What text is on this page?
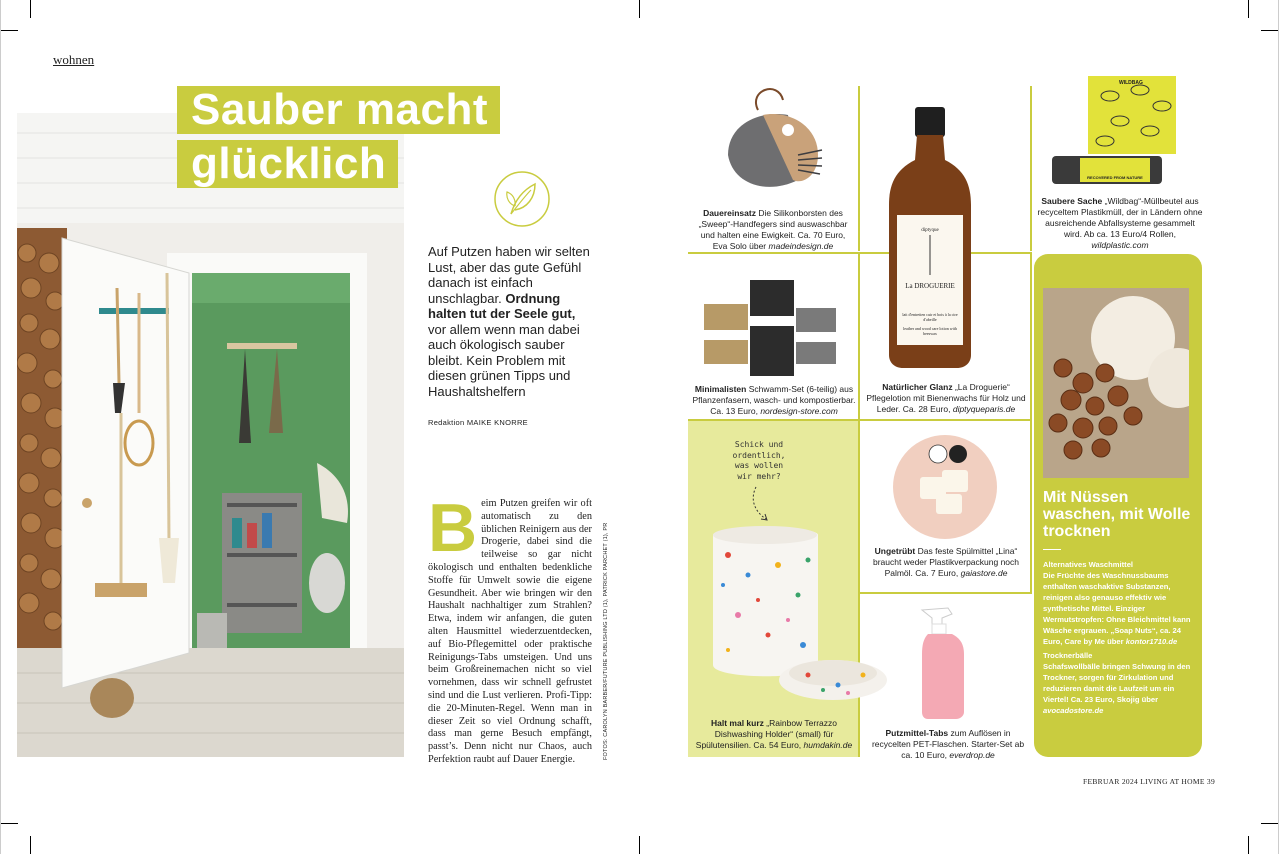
wohnen
Sauber macht
glücklich
Auf Putzen haben wir selten Lust, aber das gute Gefühl danach ist einfach unschlagbar. Ordnung halten tut der Seele gut, vor allem wenn man dabei auch ökologisch sauber bleibt. Kein Problem mit diesen grünen Tipps und Haushaltshelfern
Redaktion MAIKE KNORRE
Beim Putzen greifen wir oft automatisch zu den üblichen Reinigern aus der Drogerie, dabei sind die teilweise so gar nicht ökologisch und enthalten bedenkliche Stoffe für Umwelt sowie die eigene Gesundheit. Aber wie bringen wir den Haushalt nachhaltiger zum Strahlen? Etwa, indem wir anfangen, die guten alten Hausmittel wiederzuentdecken, auf Bio-Pflegemittel oder praktische Reinigungs-Tabs umsteigen. Und uns beim Großreinemachen nicht so viel vornehmen, dass wir schnell gefrustet sind und die Lust verlieren. Profi-Tipp: die 20-Minuten-Regel. Wenn man in dieser Zeit so viel Ordnung schafft, dass man gerne Besuch empfängt, passt’s. Denn nicht nur Chaos, auch Perfektion raubt auf Dauer Energie.	FOTOS: CAROLYN BARBER/FUTURE PUBLISHING LTD (1), PATRICK PARCHET (1), PR
Dauereinsatz Die Silikonborsten des „Sweep“-Handfegers sind auswaschbar und halten eine Ewigkeit. Ca. 70 Euro, Eva Solo über madeindesign.de
diptyque
La DROGUERIE
lait d'entretien cuir et bois à la cire d'abeille
leather and wood care lotion with beeswax
Natürlicher Glanz „La Droguerie“ Pflegelotion mit Bienenwachs für Holz und Leder. Ca. 28 Euro, diptyqueparis.de
WILDBAG
RECOVERED FROM NATURE
Saubere Sache „Wildbag“-Müllbeutel aus recyceltem Plastikmüll, der in Ländern ohne ausreichende Abfallsysteme gesammelt wird. Ab ca. 13 Euro/4 Rollen, wildplastic.com
Minimalisten Schwamm-Set (6-teilig) aus Pflanzenfasern, wasch- und kompostierbar. Ca. 13 Euro, nordesign-store.com
Schick und ordentlich, was wollen wir mehr?
Halt mal kurz „Rainbow Terrazzo Dishwashing Holder“ (small) für Spülutensilien. Ca. 54 Euro, humdakin.de
Ungetrübt Das feste Spülmittel „Lina“ braucht weder Plastikverpackung noch Palmöl. Ca. 7 Euro, gaiastore.de
Putzmittel-Tabs zum Auflösen in recycelten PET-Flaschen. Starter-Set ab ca. 10 Euro, everdrop.de
Mit Nüssen waschen, mit Wolle trocknen
Alternatives Waschmittel
Die Früchte des Waschnussbaums enthalten waschaktive Substanzen, reinigen also genauso effektiv wie synthetische Mittel. Einziger Wermutstropfen: Ohne Bleichmittel kann Wäsche ergrauen. „Soap Nuts“, ca. 24 Euro, Care by Me über kontor1710.de
Trocknerbälle
Schafswollbälle bringen Schwung in den Trockner, sorgen für Zirkulation und reduzieren damit die Laufzeit um ein Viertel! Ca. 23 Euro, Skojig über avocadostore.de
FEBRUAR 2024 LIVING AT HOME 39
